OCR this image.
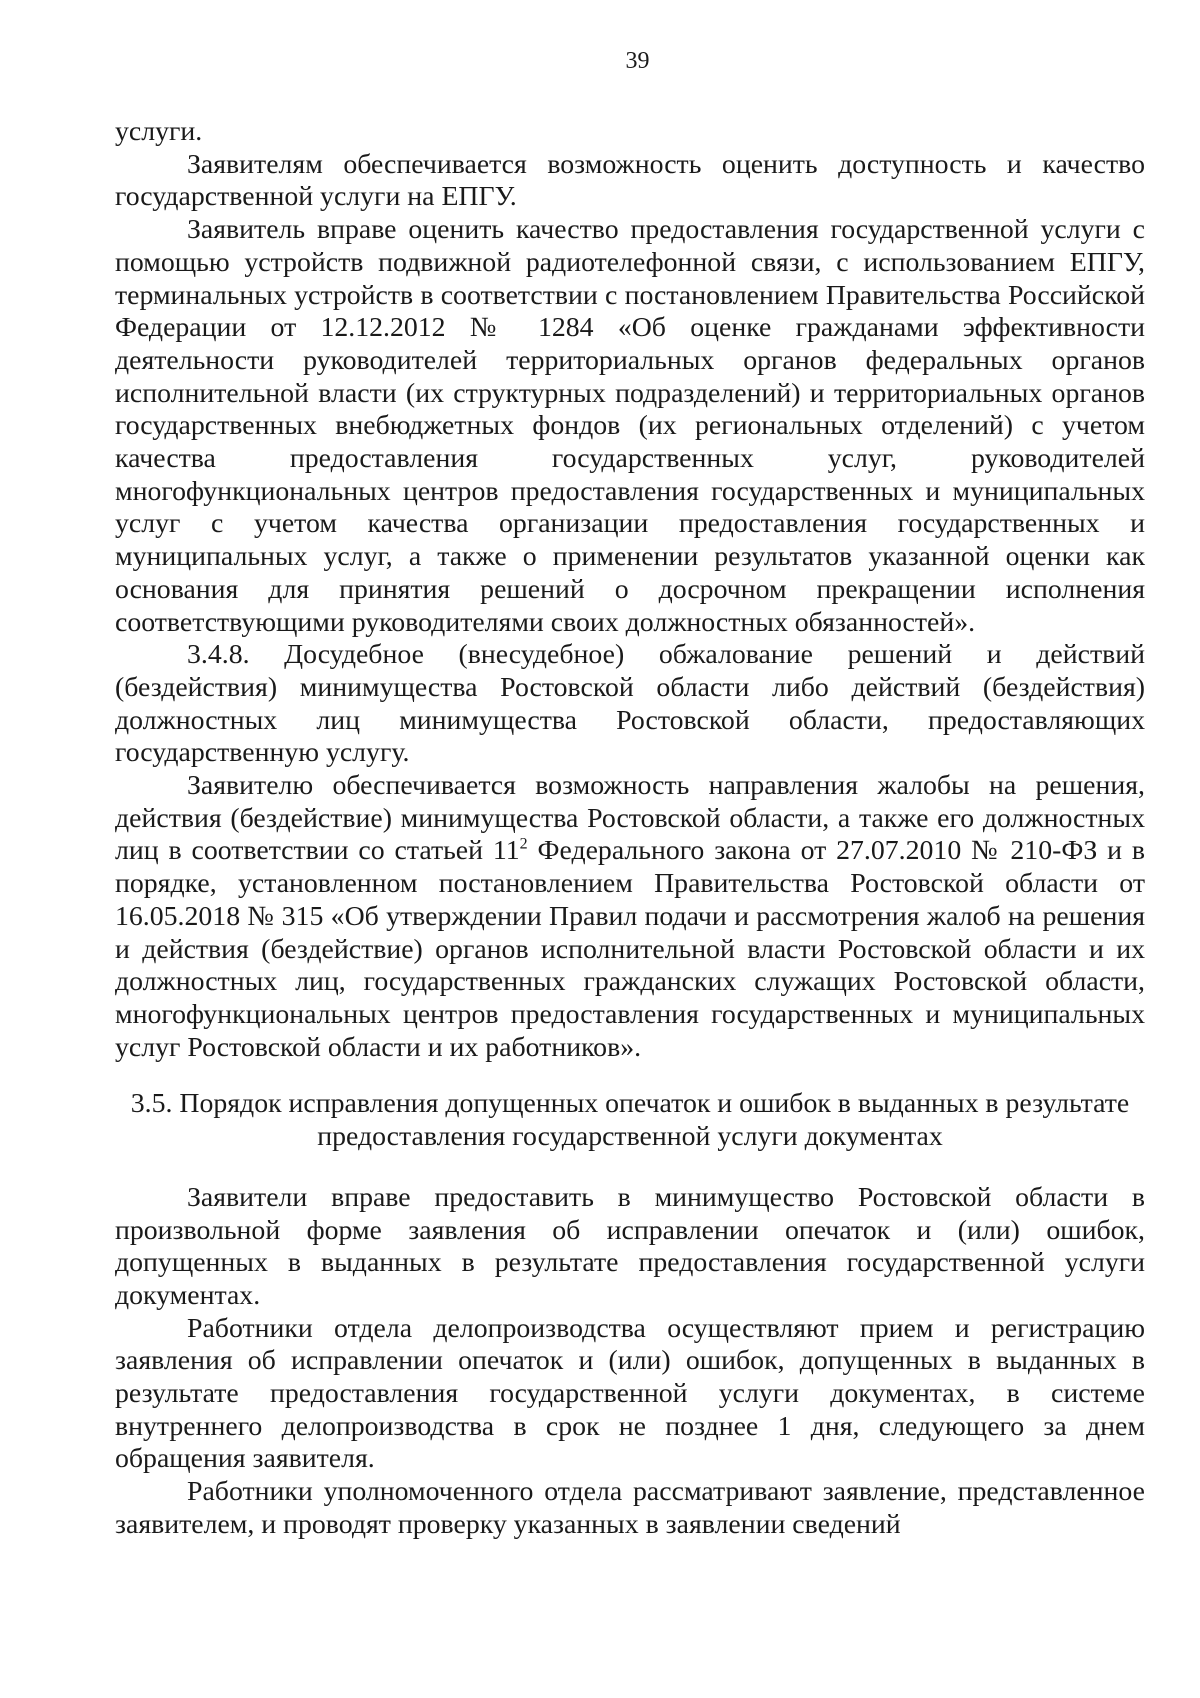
39

услуги.

Заявителям обеспечивается возможность оценить доступность и качество государственной услуги на ЕПГУ.

Заявитель вправе оценить качество предоставления государственной услуги с помощью устройств подвижной радиотелефонной связи, с использованием ЕПГУ, терминальных устройств в соответствии с постановлением Правительства Российской Федерации от 12.12.2012 № 1284 «Об оценке гражданами эффективности деятельности руководителей территориальных органов федеральных органов исполнительной власти (их структурных подразделений) и территориальных органов государственных внебюджетных фондов (их региональных отделений) с учетом качества предоставления государственных услуг, руководителей многофункциональных центров предоставления государственных и муниципальных услуг с учетом качества организации предоставления государственных и муниципальных услуг, а также о применении результатов указанной оценки как основания для принятия решений о досрочном прекращении исполнения соответствующими руководителями своих должностных обязанностей».

3.4.8. Досудебное (внесудебное) обжалование решений и действий (бездействия) минимущества Ростовской области либо действий (бездействия) должностных лиц минимущества Ростовской области, предоставляющих государственную услугу.

Заявителю обеспечивается возможность направления жалобы на решения, действия (бездействие) минимущества Ростовской области, а также его должностных лиц в соответствии со статьей $11^2$ Федерального закона от 27.07.2010 № 210-ФЗ и в порядке, установленном постановлением Правительства Ростовской области от 16.05.2018 № 315 «Об утверждении Правил подачи и рассмотрения жалоб на решения и действия (бездействие) органов исполнительной власти Ростовской области и их должностных лиц, государственных гражданских служащих Ростовской области, многофункциональных центров предоставления государственных и муниципальных услуг Ростовской области и их работников».

3.5. Порядок исправления допущенных опечаток и ошибок в выданных в результате
предоставления государственной услуги документах

Заявители вправе предоставить в минимущество Ростовской области в произвольной форме заявления об исправлении опечаток и (или) ошибок, допущенных в выданных в результате предоставления государственной услуги документах.

Работники отдела делопроизводства осуществляют прием и регистрацию заявления об исправлении опечаток и (или) ошибок, допущенных в выданных в результате предоставления государственной услуги документах, в системе внутреннего делопроизводства в срок не позднее 1 дня, следующего за днем обращения заявителя.

Работники уполномоченного отдела рассматривают заявление, представленное заявителем, и проводят проверку указанных в заявлении сведений
